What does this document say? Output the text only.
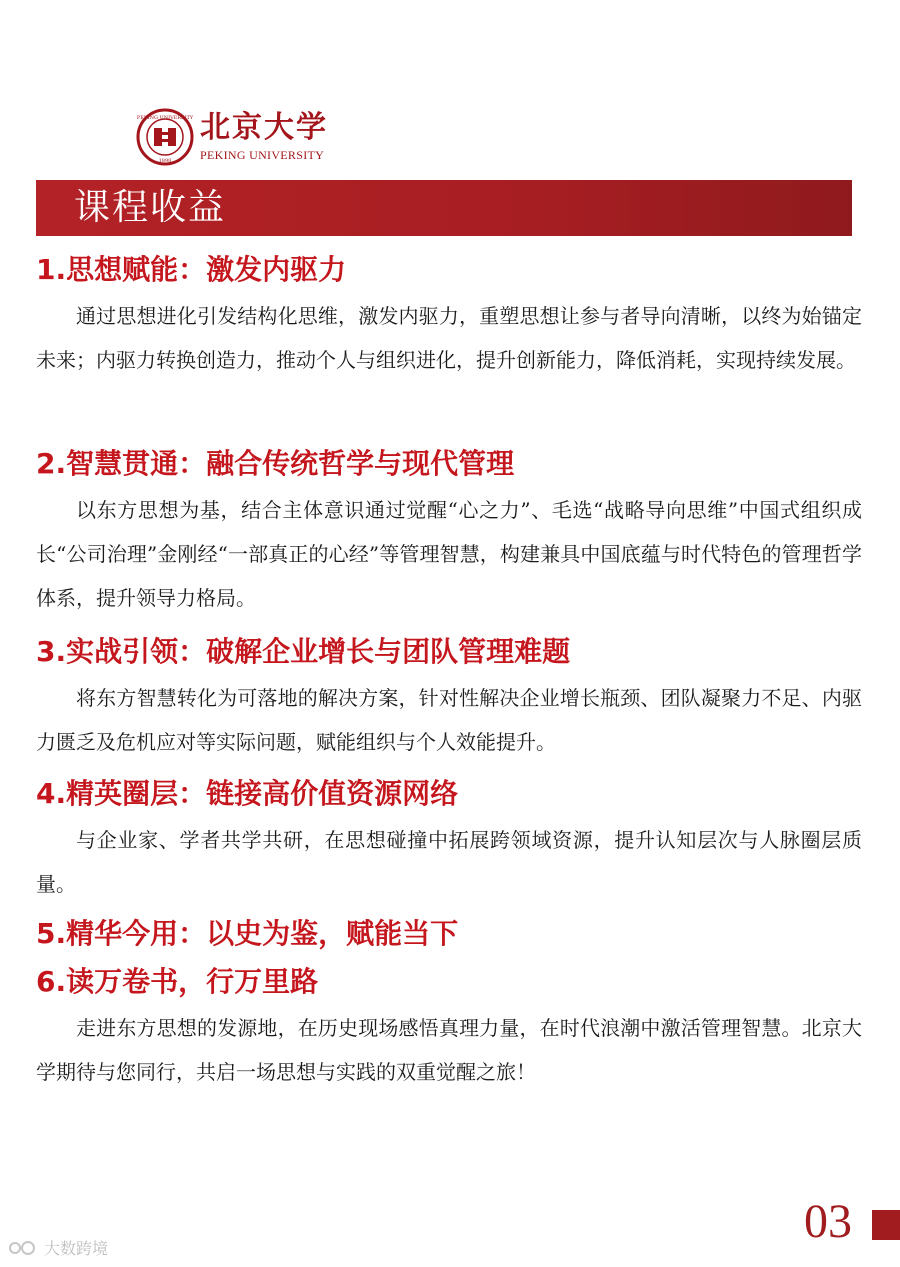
PEKING UNIVERSITY
1898
北京大学
PEKING UNIVERSITY
课程收益
1.思想赋能：激发内驱力

通过思想进化引发结构化思维，激发内驱力，重塑思想让参与者导向清晰，以终为始锚定未来；内驱力转换创造力，推动个人与组织进化，提升创新能力，降低消耗，实现持续发展。

2.智慧贯通：融合传统哲学与现代管理

以东方思想为基，结合主体意识通过觉醒“心之力”、毛选“战略导向思维”中国式组织成长“公司治理”金刚经“一部真正的心经”等管理智慧，构建兼具中国底蕴与时代特色的管理哲学体系，提升领导力格局。

3.实战引领：破解企业增长与团队管理难题

将东方智慧转化为可落地的解决方案，针对性解决企业增长瓶颈、团队凝聚力不足、内驱力匮乏及危机应对等实际问题，赋能组织与个人效能提升。

4.精英圈层：链接高价值资源网络

与企业家、学者共学共研，在思想碰撞中拓展跨领域资源，提升认知层次与人脉圈层质量。

5.精华今用：以史为鉴，赋能当下
6.读万卷书，行万里路

走进东方思想的发源地，在历史现场感悟真理力量，在时代浪潮中激活管理智慧。北京大学期待与您同行，共启一场思想与实践的双重觉醒之旅！

03
大数跨境
